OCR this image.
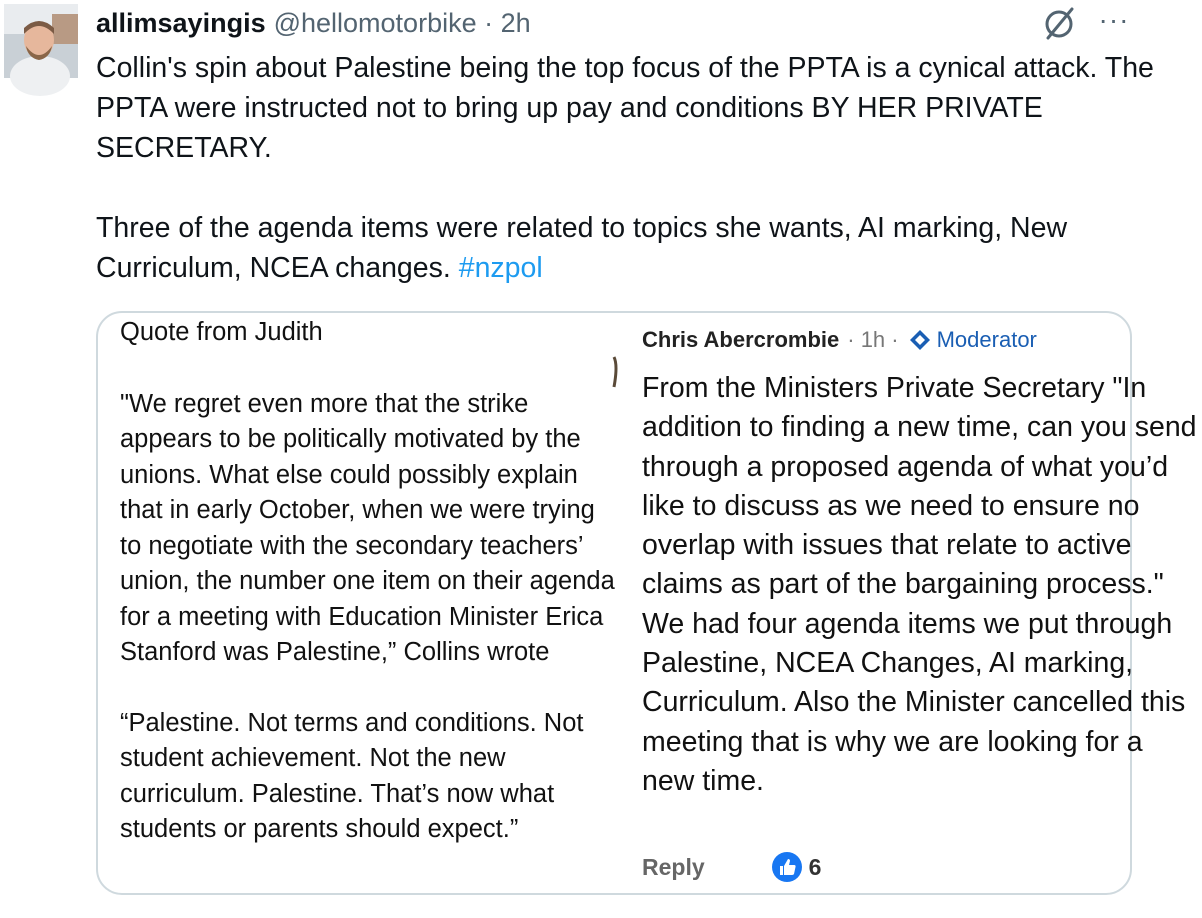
allimsayingis @hellomotorbike · 2h	···

Collin's spin about Palestine being the top focus of the PPTA is a cynical attack. The PPTA were instructed not to bring up pay and conditions BY HER PRIVATE SECRETARY.

Three of the agenda items were related to topics she wants, AI marking, New Curriculum, NCEA changes. #nzpol

Quote from Judith

"We regret even more that the strike appears to be politically motivated by the unions. What else could possibly explain that in early October, when we were trying to negotiate with the secondary teachers’ union, the number one item on their agenda for a meeting with Education Minister Erica Stanford was Palestine,” Collins wrote

“Palestine. Not terms and conditions. Not student achievement. Not the new curriculum. Palestine. That’s now what students or parents should expect.”

Chris Abercrombie · 1h · Moderator
From the Ministers Private Secretary "In addition to finding a new time, can you send through a proposed agenda of what you’d like to discuss as we need to ensure no overlap with issues that relate to active claims as part of the bargaining process." We had four agenda items we put through Palestine, NCEA Changes, AI marking, Curriculum. Also the Minister cancelled this meeting that is why we are looking for a new time.
Reply	6
